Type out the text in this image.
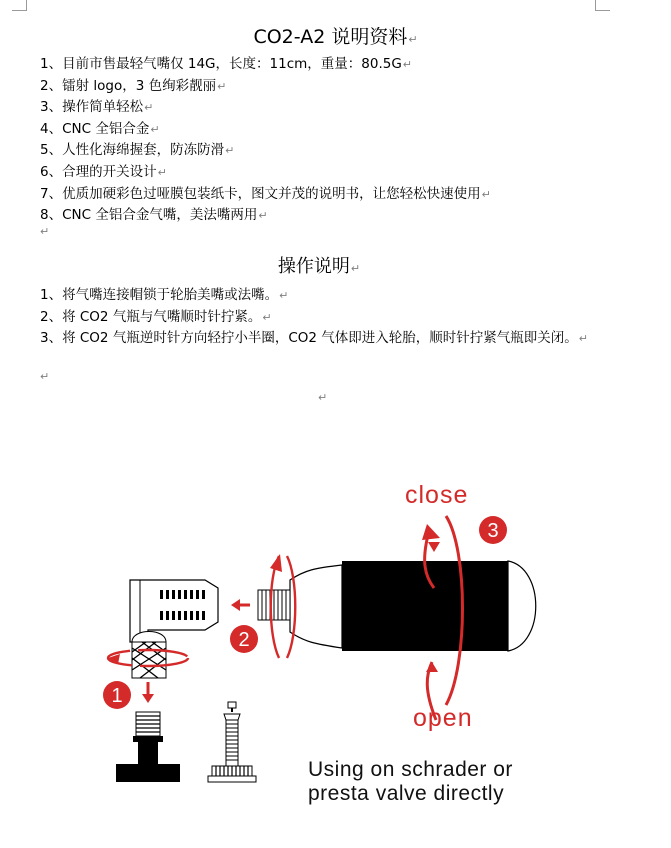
CO2-A2 说明资料↵
1、目前市售最轻气嘴仅 14G，长度：11cm，重量：80.5G↵
2、镭射 logo，3 色绚彩靓丽↵
3、操作简单轻松↵
4、CNC 全铝合金↵
5、人性化海绵握套，防冻防滑↵
6、合理的开关设计↵
7、优质加硬彩色过哑膜包装纸卡，图文并茂的说明书，让您轻松快速使用↵
8、CNC 全铝合金气嘴，美法嘴两用↵
↵
操作说明↵
1、将气嘴连接帽锁于轮胎美嘴或法嘴。↵
2、将 CO2 气瓶与气嘴顺时针拧紧。↵
3、将 CO2 气瓶逆时针方向轻拧小半圈，CO2 气体即进入轮胎，顺时针拧紧气瓶即关闭。↵
↵
↵
1
2
close
open
3
Using on schrader or
presta valve directly
